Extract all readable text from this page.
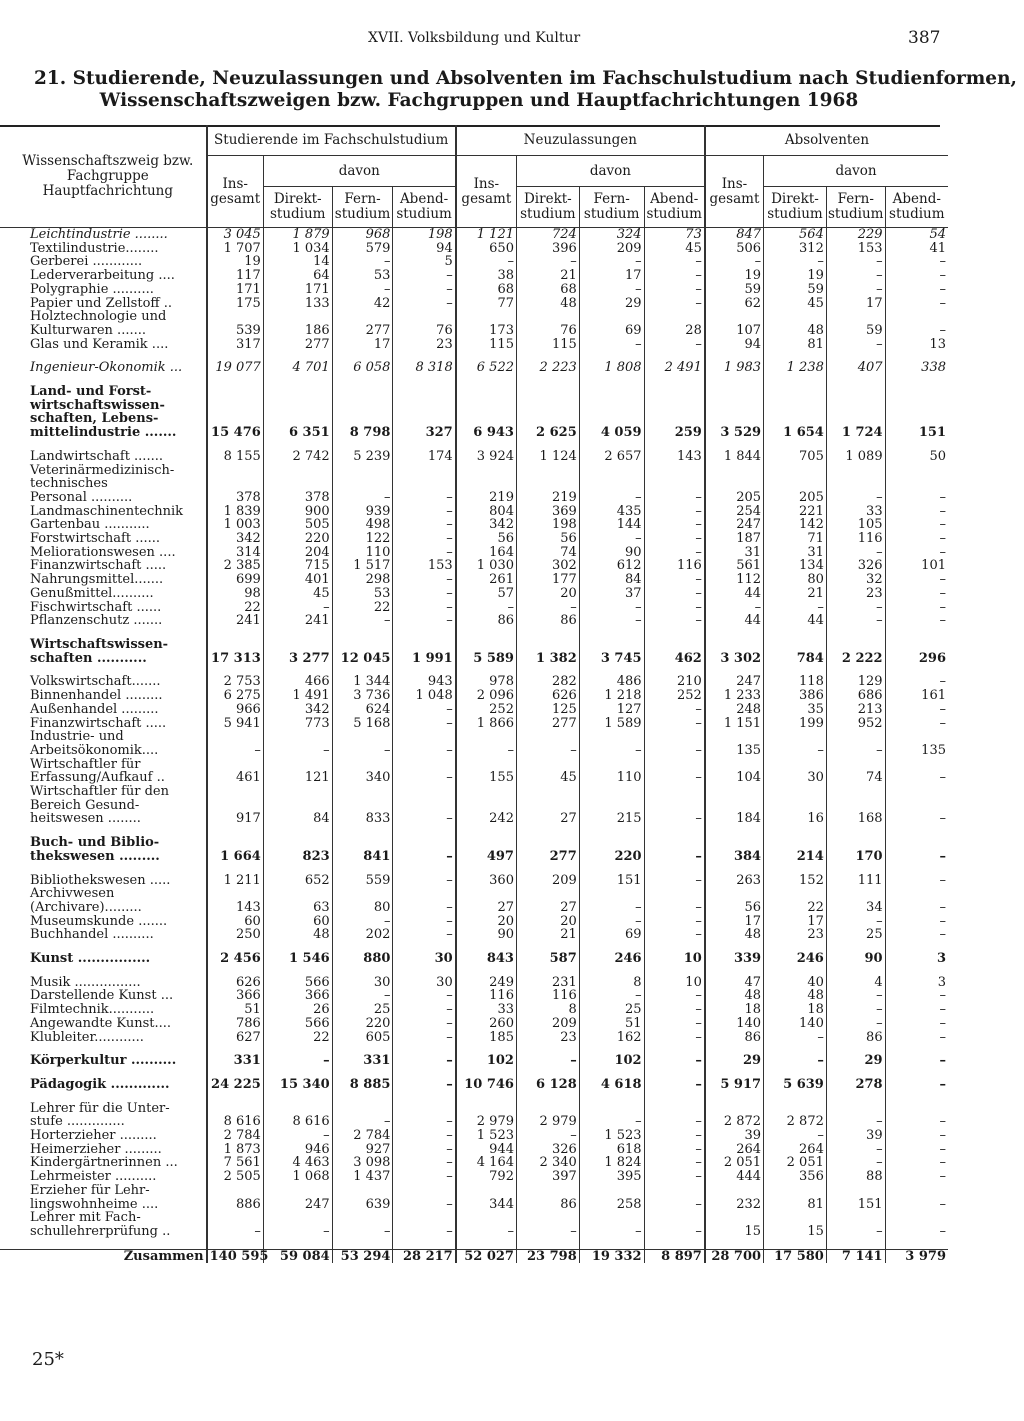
XVII. Volksbildung und Kultur	387
21. Studierende, Neuzulassungen und Absolventen im Fachschulstudium nach Studienformen,
Wissenschaftszweigen bzw. Fachgruppen und Hauptfachrichtungen 1968
Wissenschaftszweig bzw. Fachgruppe Hauptfachrichtung	Studierende im Fachschulstudium				Neuzulassungen				Absolventen			
	Ins-gesamt	davon			Ins-gesamt	davon			Ins-gesamt	davon		
		Direkt-studium	Fern-studium	Abend-studium		Direkt-studium	Fern-studium	Abend-studium		Direkt-studium	Fern-studium	Abend-studium
Leichtindustrie ........	3 045	1 879	968	198	1 121	724	324	73	847	564	229	54
Textilindustrie........	1 707	1 034	579	94	650	396	209	45	506	312	153	41
Gerberei ............	19	14	–	5	–	–	–	–	–	–	–	–
Lederverarbeitung ....	117	64	53	–	38	21	17	–	19	19	–	–
Polygraphie ..........	171	171	–	–	68	68	–	–	59	59	–	–
Papier und Zellstoff ..	175	133	42	–	77	48	29	–	62	45	17	–
Holztechnologie und												
Kulturwaren .......	539	186	277	76	173	76	69	28	107	48	59	–
Glas und Keramik ....	317	277	17	23	115	115	–	–	94	81	–	13

Ingenieur-Ökonomik ...	19 077	4 701	6 058	8 318	6 522	2 223	1 808	2 491	1 983	1 238	407	338

Land- und Forst-												
wirtschaftswissen-												
schaften, Lebens-												
mittelindustrie .......	15 476	6 351	8 798	327	6 943	2 625	4 059	259	3 529	1 654	1 724	151

Landwirtschaft .......	8 155	2 742	5 239	174	3 924	1 124	2 657	143	1 844	705	1 089	50
Veterinärmedizinisch-												
technisches												
Personal ..........	378	378	–	–	219	219	–	–	205	205	–	–
Landmaschinentechnik	1 839	900	939	–	804	369	435	–	254	221	33	–
Gartenbau ...........	1 003	505	498	–	342	198	144	–	247	142	105	–
Forstwirtschaft ......	342	220	122	–	56	56	–	–	187	71	116	–
Meliorationswesen ....	314	204	110	–	164	74	90	–	31	31	–	–
Finanzwirtschaft .....	2 385	715	1 517	153	1 030	302	612	116	561	134	326	101
Nahrungsmittel.......	699	401	298	–	261	177	84	–	112	80	32	–
Genußmittel..........	98	45	53	–	57	20	37	–	44	21	23	–
Fischwirtschaft ......	22	–	22	–	–	–	–	–	–	–	–	–
Pflanzenschutz .......	241	241	–	–	86	86	–	–	44	44	–	–

Wirtschaftswissen-												
schaften ...........	17 313	3 277	12 045	1 991	5 589	1 382	3 745	462	3 302	784	2 222	296

Volkswirtschaft.......	2 753	466	1 344	943	978	282	486	210	247	118	129	–
Binnenhandel .........	6 275	1 491	3 736	1 048	2 096	626	1 218	252	1 233	386	686	161
Außenhandel .........	966	342	624	–	252	125	127	–	248	35	213	–
Finanzwirtschaft .....	5 941	773	5 168	–	1 866	277	1 589	–	1 151	199	952	–
Industrie- und												
Arbeitsökonomik....	–	–	–	–	–	–	–	–	135	–	–	135
Wirtschaftler für												
Erfassung/Aufkauf ..	461	121	340	–	155	45	110	–	104	30	74	–
Wirtschaftler für den												
Bereich Gesund-												
heitswesen ........	917	84	833	–	242	27	215	–	184	16	168	–

Buch- und Biblio-												
thekswesen .........	1 664	823	841	–	497	277	220	–	384	214	170	–

Bibliothekswesen .....	1 211	652	559	–	360	209	151	–	263	152	111	–
Archivwesen												
(Archivare).........	143	63	80	–	27	27	–	–	56	22	34	–
Museumskunde .......	60	60	–	–	20	20	–	–	17	17	–	–
Buchhandel ..........	250	48	202	–	90	21	69	–	48	23	25	–

Kunst ................	2 456	1 546	880	30	843	587	246	10	339	246	90	3

Musik ................	626	566	30	30	249	231	8	10	47	40	4	3
Darstellende Kunst ...	366	366	–	–	116	116	–	–	48	48	–	–
Filmtechnik...........	51	26	25	–	33	8	25	–	18	18	–	–
Angewandte Kunst....	786	566	220	–	260	209	51	–	140	140	–	–
Klubleiter............	627	22	605	–	185	23	162	–	86	–	86	–

Körperkultur ..........	331	–	331	–	102	–	102	–	29	–	29	–

Pädagogik .............	24 225	15 340	8 885	–	10 746	6 128	4 618	–	5 917	5 639	278	–

Lehrer für die Unter-												
stufe ..............	8 616	8 616	–	–	2 979	2 979	–	–	2 872	2 872	–	–
Horterzieher .........	2 784	–	2 784	–	1 523	–	1 523	–	39	–	39	–
Heimerzieher .........	1 873	946	927	–	944	326	618	–	264	264	–	–
Kindergärtnerinnen ...	7 561	4 463	3 098	–	4 164	2 340	1 824	–	2 051	2 051	–	–
Lehrmeister ..........	2 505	1 068	1 437	–	792	397	395	–	444	356	88	–
Erzieher für Lehr-												
lingswohnheime ....	886	247	639	–	344	86	258	–	232	81	151	–
Lehrer mit Fach-												
schullehrerprüfung ..	–	–	–	–	–	–	–	–	15	15	–	–

Zusammen	140 595	59 084	53 294	28 217	52 027	23 798	19 332	8 897	28 700	17 580	7 141	3 979
25*
